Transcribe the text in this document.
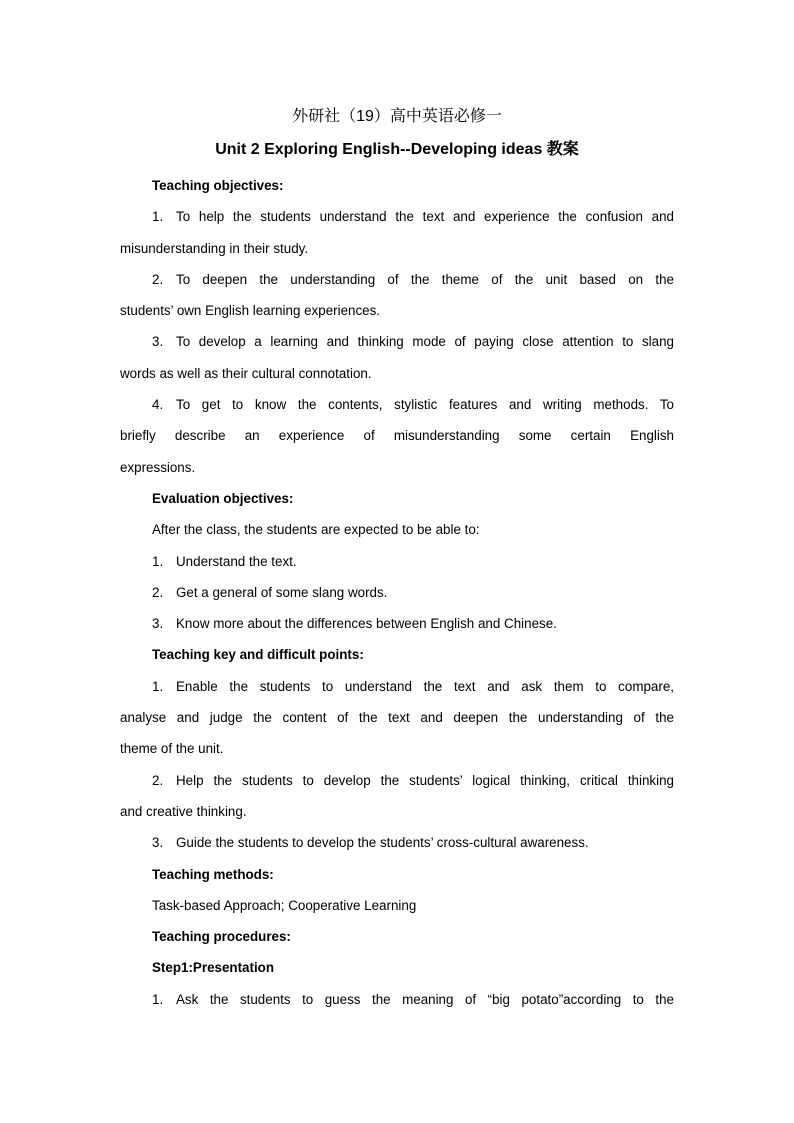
外研社（19）高中英语必修一

Unit 2 Exploring English--Developing ideas 教案

Teaching objectives:

1. To help the students understand the text and experience the confusion and

misunderstanding in their study.

2. To deepen the understanding of the theme of the unit based on the

students’ own English learning experiences.

3. To develop a learning and thinking mode of paying close attention to slang

words as well as their cultural connotation.

4. To get to know the contents, stylistic features and writing methods. To

briefly describe an experience of misunderstanding some certain English

expressions.

Evaluation objectives:

After the class, the students are expected to be able to:

1. Understand the text.

2. Get a general of some slang words.

3. Know more about the differences between English and Chinese.

Teaching key and difficult points:

1. Enable the students to understand the text and ask them to compare,

analyse and judge the content of the text and deepen the understanding of the

theme of the unit.

2. Help the students to develop the students’ logical thinking, critical thinking

and creative thinking.

3. Guide the students to develop the students’ cross-cultural awareness.

Teaching methods:

Task-based Approach; Cooperative Learning

Teaching procedures:

Step1:Presentation

1. Ask the students to guess the meaning of “big potato”according to the
